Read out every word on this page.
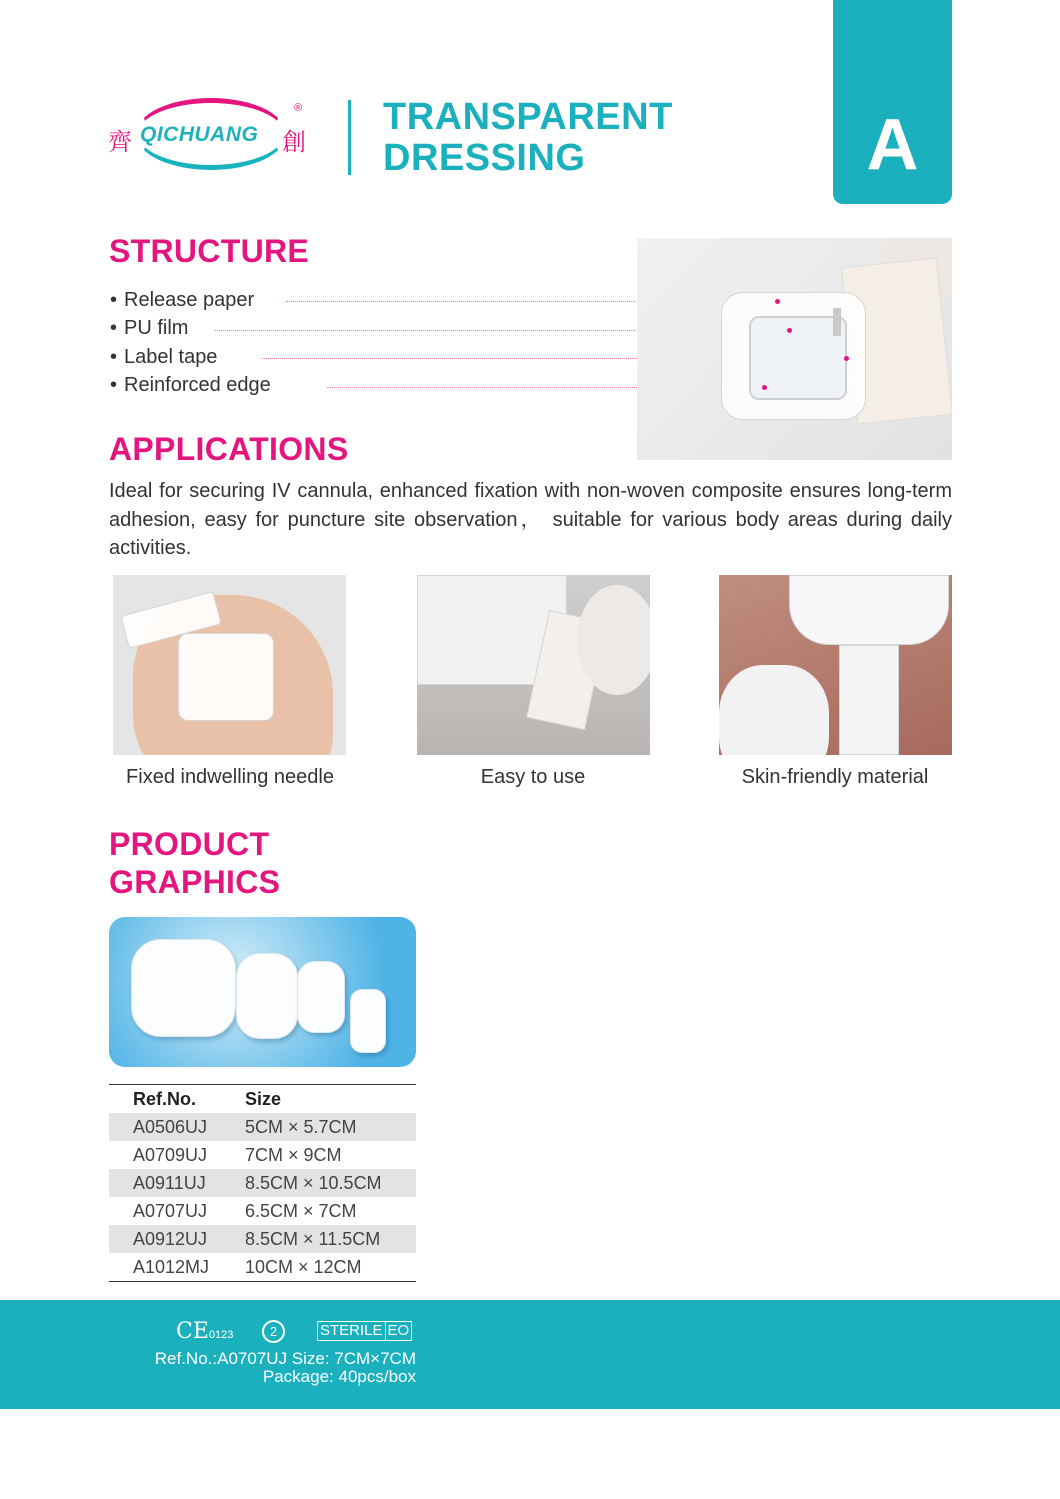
齊 QICHUANG 創
® TRANSPARENT
DRESSING	A
STRUCTURE
• Release paper
• PU film
• Label tape
• Reinforced edge
APPLICATIONS

Ideal for securing IV cannula, enhanced fixation with non-woven composite ensures long-term adhesion, easy for puncture site observation， suitable for various body areas during daily activities.

Fixed indwelling needle	Easy to use	Skin-friendly material
PRODUCT
GRAPHICS
Ref.No.	Size
A0506UJ	5CM × 5.7CM
A0709UJ	7CM × 9CM
A0911UJ	8.5CM × 10.5CM
A0707UJ	6.5CM × 7CM
A0912UJ	8.5CM × 11.5CM
A1012MJ	10CM × 12CM
CE0123	2	STERILE EO
Ref.No.:A0707UJ Size: 7CM×7CM
Package: 40pcs/box
